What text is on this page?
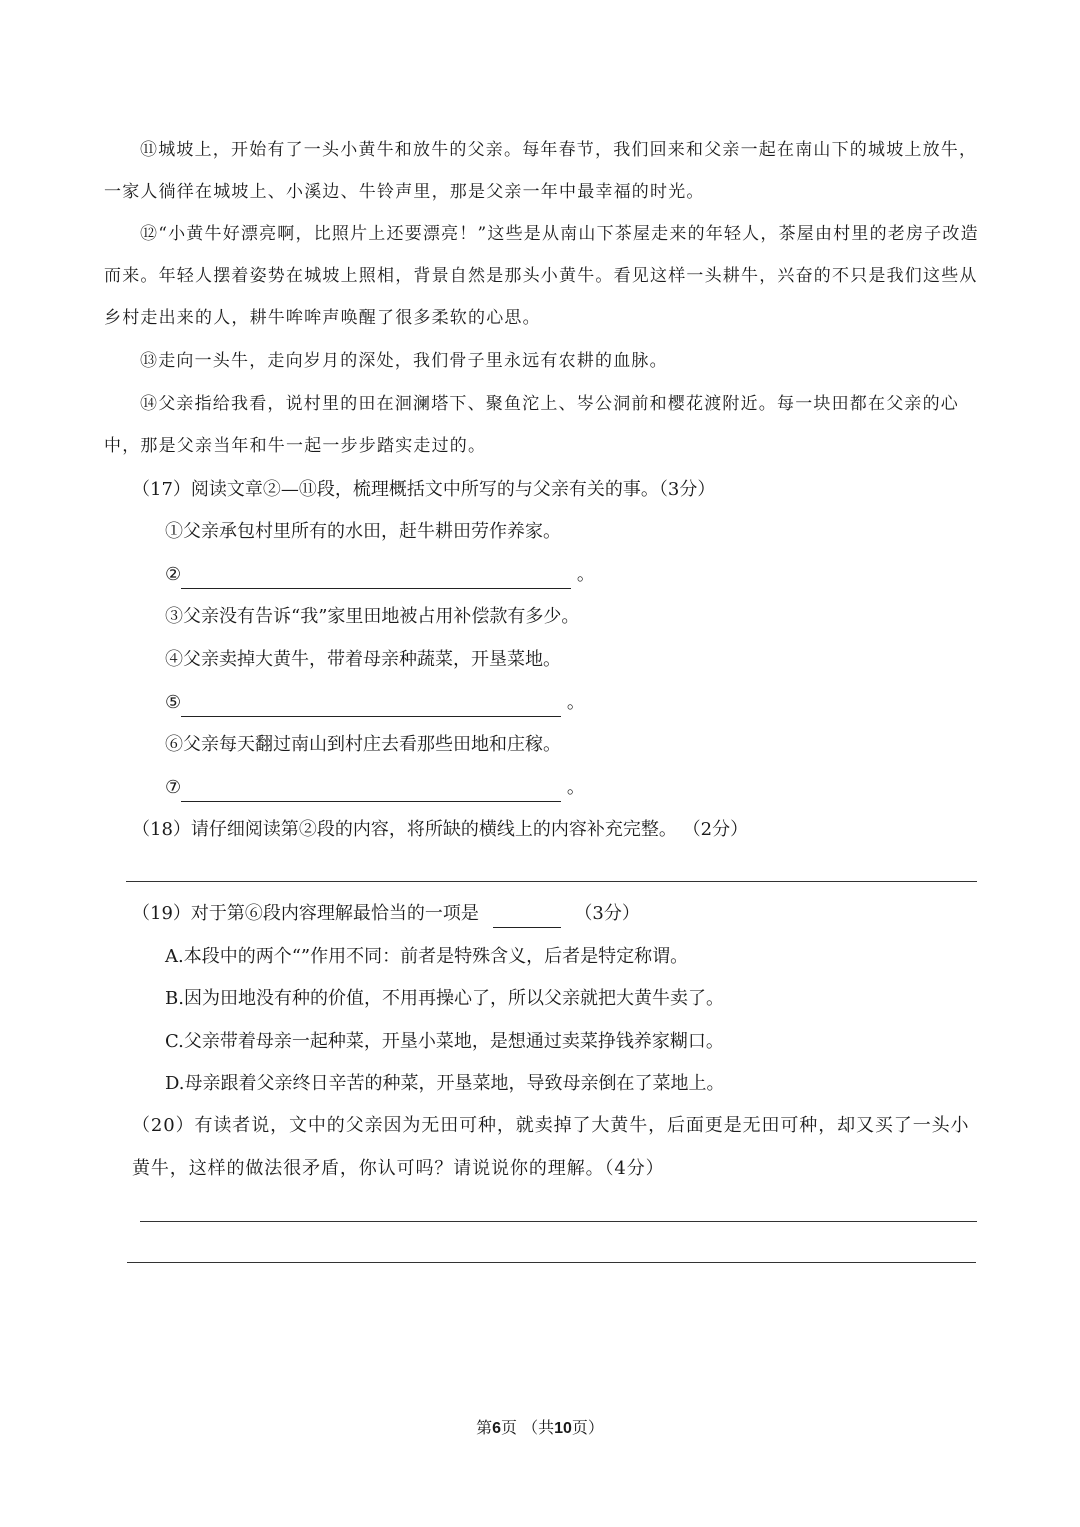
⑪城坡上，开始有了一头小黄牛和放牛的父亲。每年春节，我们回来和父亲一起在南山下的城坡上放牛，一家人徜徉在城坡上、小溪边、牛铃声里，那是父亲一年中最幸福的时光。
⑫“小黄牛好漂亮啊，比照片上还要漂亮！”这些是从南山下茶屋走来的年轻人，茶屋由村里的老房子改造而来。年轻人摆着姿势在城坡上照相，背景自然是那头小黄牛。看见这样一头耕牛，兴奋的不只是我们这些从乡村走出来的人，耕牛哞哞声唤醒了很多柔软的心思。
⑬走向一头牛，走向岁月的深处，我们骨子里永远有农耕的血脉。
⑭父亲指给我看，说村里的田在洄澜塔下、聚鱼沱上、岑公洞前和樱花渡附近。每一块田都在父亲的心中，那是父亲当年和牛一起一步步踏实走过的。
（17）阅读文章②—⑪段，梳理概括文中所写的与父亲有关的事。（3分）
①父亲承包村里所有的水田，赶牛耕田劳作养家。
②	。
③父亲没有告诉“我”家里田地被占用补偿款有多少。
④父亲卖掉大黄牛，带着母亲种蔬菜，开垦菜地。
⑤	。
⑥父亲每天翻过南山到村庄去看那些田地和庄稼。
⑦	。
（18）请仔细阅读第②段的内容，将所缺的横线上的内容补充完整。 （2分）
（19）对于第⑥段内容理解最恰当的一项是	（3分）
A.本段中的两个“”作用不同：前者是特殊含义，后者是特定称谓。
B.因为田地没有种的价值，不用再操心了，所以父亲就把大黄牛卖了。
C.父亲带着母亲一起种菜，开垦小菜地，是想通过卖菜挣钱养家糊口。
D.母亲跟着父亲终日辛苦的种菜，开垦菜地，导致母亲倒在了菜地上。
（20）有读者说，文中的父亲因为无田可种，就卖掉了大黄牛，后面更是无田可种，却又买了一头小黄牛，这样的做法很矛盾，你认可吗？请说说你的理解。（4分）
第6页 （共10页）
